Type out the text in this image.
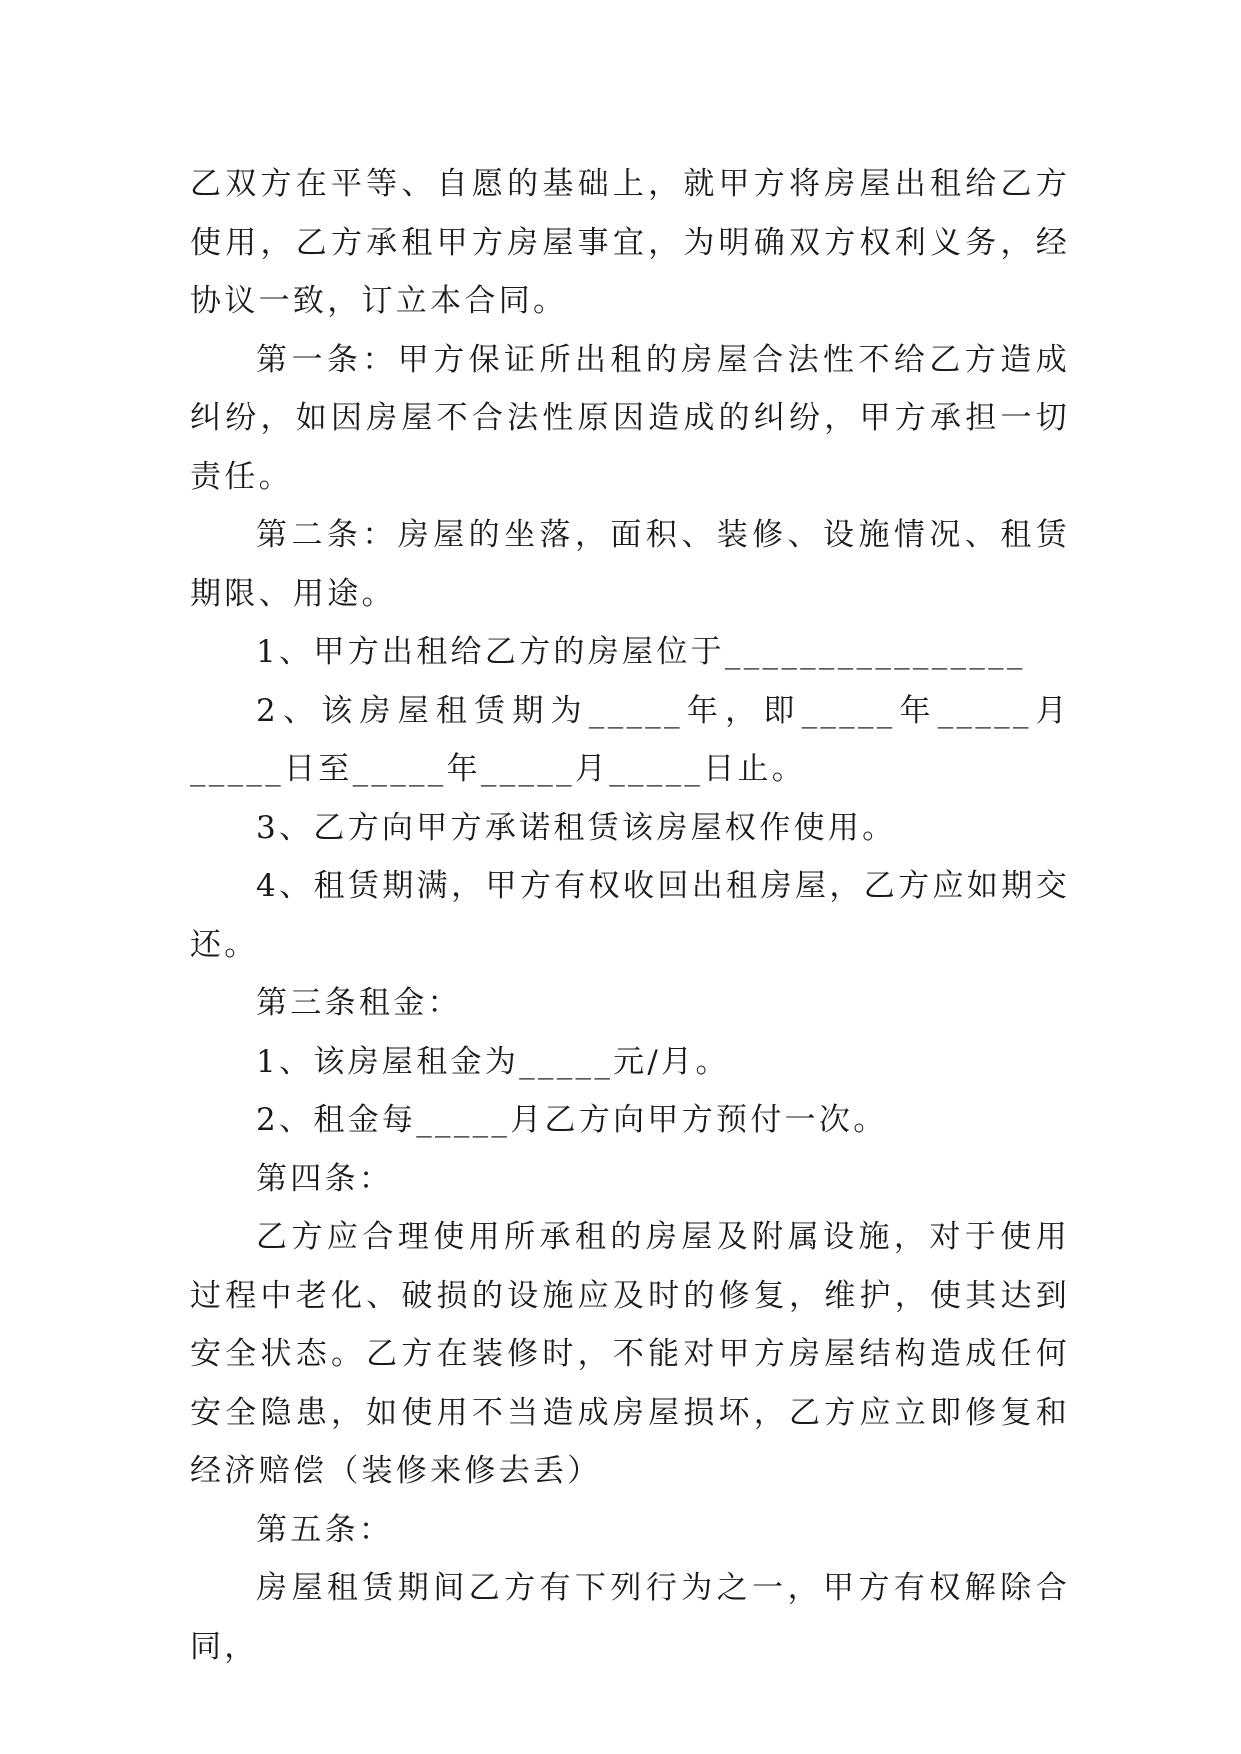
乙双方在平等、自愿的基础上，就甲方将房屋出租给乙方使用，乙方承租甲方房屋事宜，为明确双方权利义务，经协议一致，订立本合同。

第一条：甲方保证所出租的房屋合法性不给乙方造成纠纷，如因房屋不合法性原因造成的纠纷，甲方承担一切责任。

第二条：房屋的坐落，面积、装修、设施情况、租赁期限、用途。

1、甲方出租给乙方的房屋位于________________

2、该房屋租赁期为_____年，即_____年_____月_____日至_____年_____月_____日止。

3、乙方向甲方承诺租赁该房屋权作使用。

4、租赁期满，甲方有权收回出租房屋，乙方应如期交还。

第三条租金：

1、该房屋租金为_____元/月。

2、租金每_____月乙方向甲方预付一次。

第四条：

乙方应合理使用所承租的房屋及附属设施，对于使用过程中老化、破损的设施应及时的修复，维护，使其达到安全状态。乙方在装修时，不能对甲方房屋结构造成任何安全隐患，如使用不当造成房屋损坏，乙方应立即修复和经济赔偿（装修来修去丢）

第五条：

房屋租赁期间乙方有下列行为之一，甲方有权解除合同，
